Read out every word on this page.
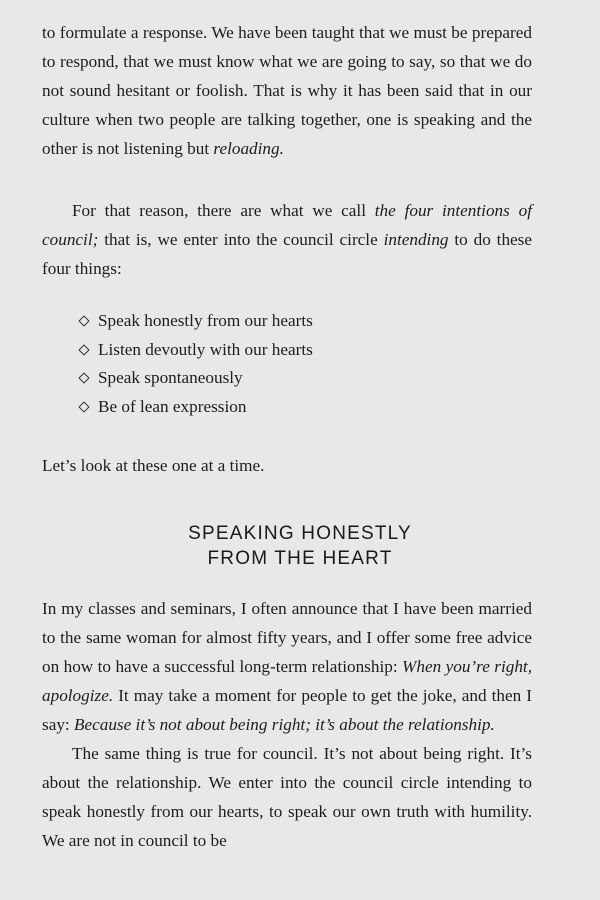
to formulate a response. We have been taught that we must be prepared to respond, that we must know what we are going to say, so that we do not sound hesitant or foolish. That is why it has been said that in our culture when two people are talking together, one is speaking and the other is not listening but reloading.

For that reason, there are what we call the four intentions of council; that is, we enter into the council circle intending to do these four things:

Speak honestly from our hearts
Listen devoutly with our hearts
Speak spontaneously
Be of lean expression
Let’s look at these one at a time.
SPEAKING HONESTLY
FROM THE HEART

In my classes and seminars, I often announce that I have been married to the same woman for almost fifty years, and I offer some free advice on how to have a successful long-term relationship: When you’re right, apologize. It may take a moment for people to get the joke, and then I say: Because it’s not about being right; it’s about the relationship.

The same thing is true for council. It’s not about being right. It’s about the relationship. We enter into the council circle intending to speak honestly from our hearts, to speak our own truth with humility. We are not in council to be
